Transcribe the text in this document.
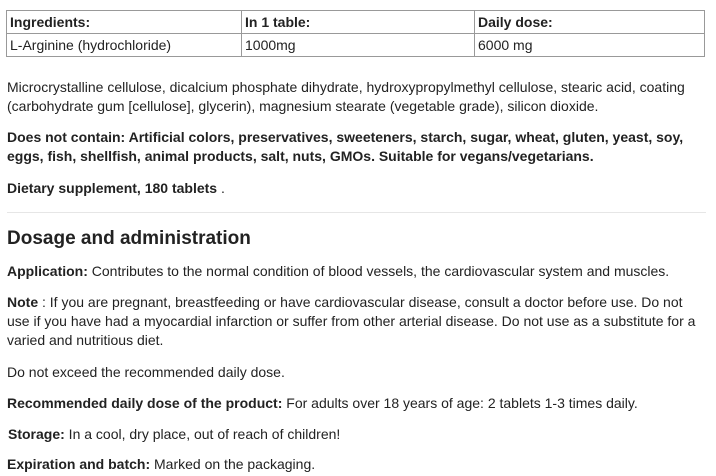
Ingredients:	In 1 table:	Daily dose:
L-Arginine (hydrochloride)	1000mg	6000 mg

Microcrystalline cellulose, dicalcium phosphate dihydrate, hydroxypropylmethyl cellulose, stearic acid, coating (carbohydrate gum [cellulose], glycerin), magnesium stearate (vegetable grade), silicon dioxide.

Does not contain: Artificial colors, preservatives, sweeteners, starch, sugar, wheat, gluten, yeast, soy, eggs, fish, shellfish, animal products, salt, nuts, GMOs. Suitable for vegans/vegetarians.

Dietary supplement, 180 tablets .

Dosage and administration

Application: Contributes to the normal condition of blood vessels, the cardiovascular system and muscles.

Note : If you are pregnant, breastfeeding or have cardiovascular disease, consult a doctor before use. Do not use if you have had a myocardial infarction or suffer from other arterial disease. Do not use as a substitute for a varied and nutritious diet.

Do not exceed the recommended daily dose.

Recommended daily dose of the product: For adults over 18 years of age: 2 tablets 1-3 times daily.

Storage: In a cool, dry place, out of reach of children!

Expiration and batch: Marked on the packaging.
